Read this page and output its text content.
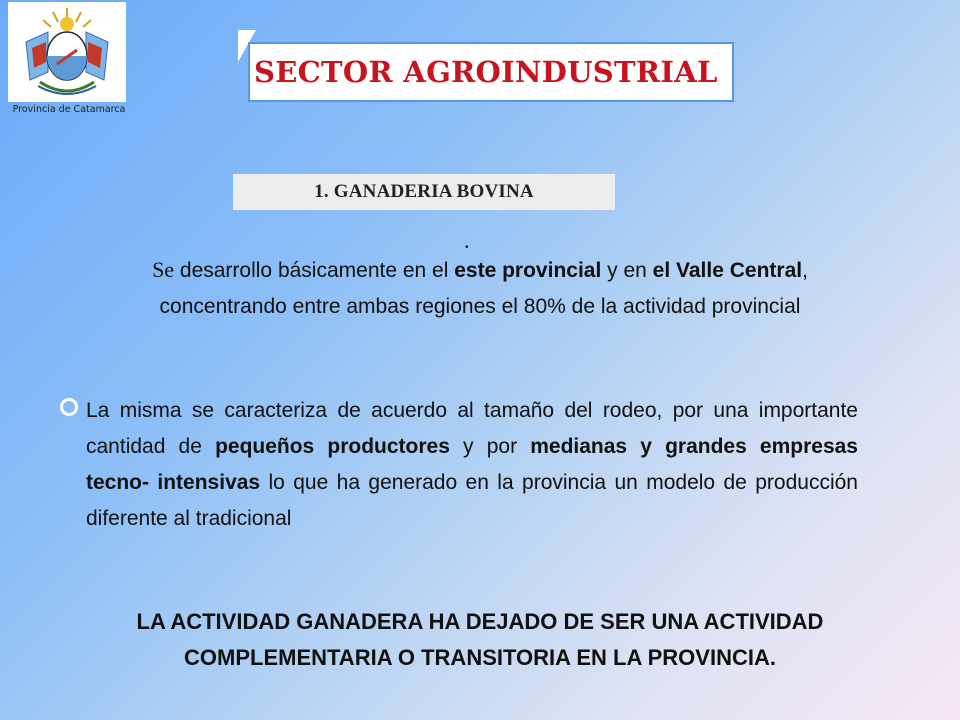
Provincia de Catamarca
SECTOR AGROINDUSTRIAL
1. GANADERIA BOVINA
.
Se desarrollo básicamente en el este provincial y en el Valle Central, concentrando entre ambas regiones el 80% de la actividad provincial
La misma se caracteriza de acuerdo al tamaño del rodeo, por una importante cantidad de pequeños productores y por medianas y grandes empresas tecno- intensivas lo que ha generado en la provincia un modelo de producción diferente al tradicional
LA ACTIVIDAD GANADERA HA DEJADO DE SER UNA ACTIVIDAD
COMPLEMENTARIA O TRANSITORIA EN LA PROVINCIA.
